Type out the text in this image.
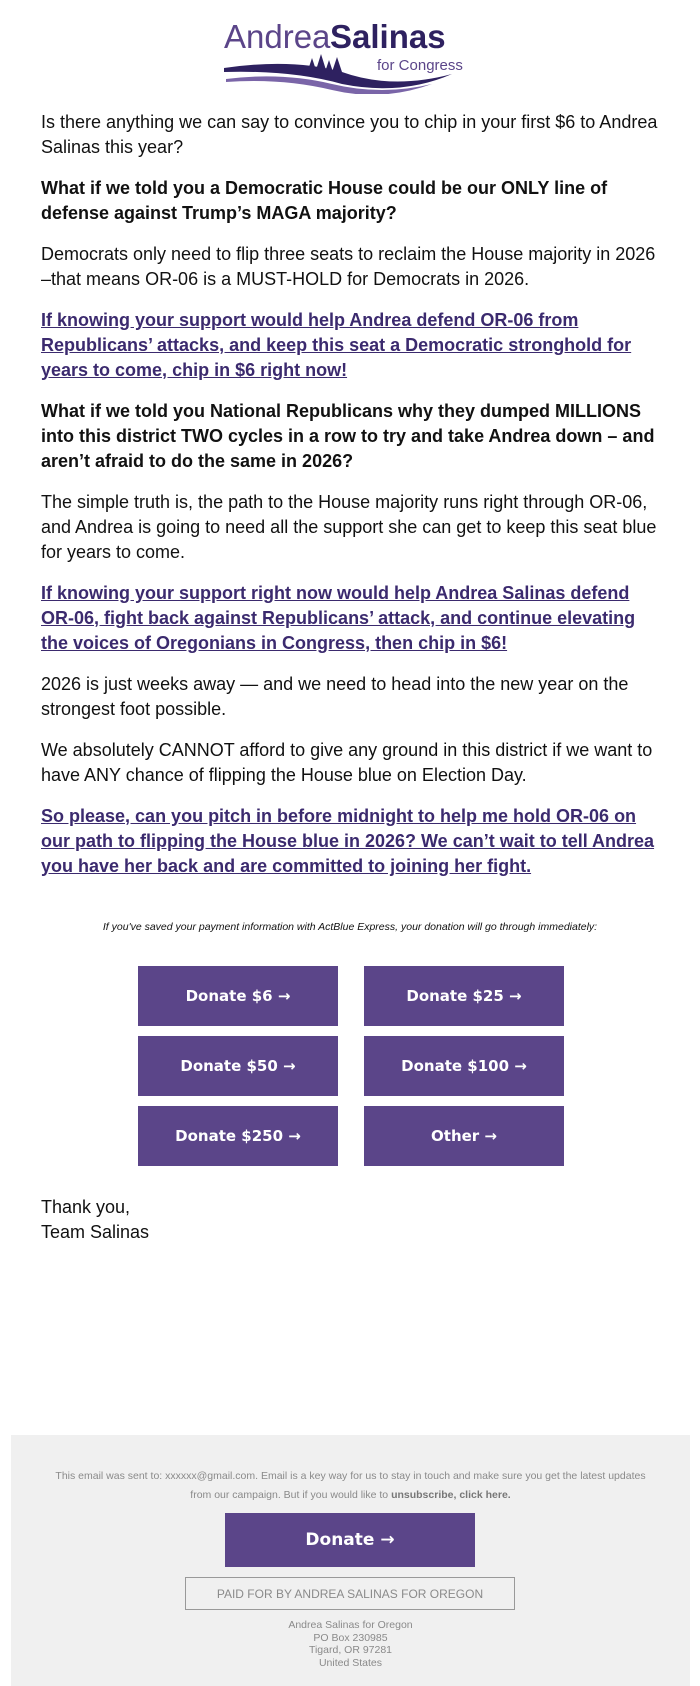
Andrea Salinas
for Congress

Is there anything we can say to convince you to chip in your first $6 to Andrea Salinas this year?

What if we told you a Democratic House could be our ONLY line of defense against Trump’s MAGA majority?

Democrats only need to flip three seats to reclaim the House majority in 2026 –that means OR-06 is a MUST-HOLD for Democrats in 2026.

If knowing your support would help Andrea defend OR-06 from Republicans’ attacks, and keep this seat a Democratic stronghold for years to come, chip in $6 right now!

What if we told you National Republicans why they dumped MILLIONS into this district TWO cycles in a row to try and take Andrea down – and aren’t afraid to do the same in 2026?

The simple truth is, the path to the House majority runs right through OR-06, and Andrea is going to need all the support she can get to keep this seat blue for years to come.

If knowing your support right now would help Andrea Salinas defend OR-06, fight back against Republicans’ attack, and continue elevating the voices of Oregonians in Congress, then chip in $6!

2026 is just weeks away — and we need to head into the new year on the strongest foot possible.

We absolutely CANNOT afford to give any ground in this district if we want to have ANY chance of flipping the House blue on Election Day.

So please, can you pitch in before midnight to help me hold OR-06 on our path to flipping the House blue in 2026? We can’t wait to tell Andrea you have her back and are committed to joining her fight.

If you've saved your payment information with ActBlue Express, your donation will go through immediately:
Donate $6 →	Donate $25 →
Donate $50 →	Donate $100 →
Donate $250 →	Other →
Thank you,
Team Salinas
This email was sent to: xxxxxx@gmail.com. Email is a key way for us to stay in touch and make sure you get the latest updates from our campaign. But if you would like to unsubscribe, click here.
Donate →
PAID FOR BY ANDREA SALINAS FOR OREGON
Andrea Salinas for Oregon
PO Box 230985
Tigard, OR 97281
United States
